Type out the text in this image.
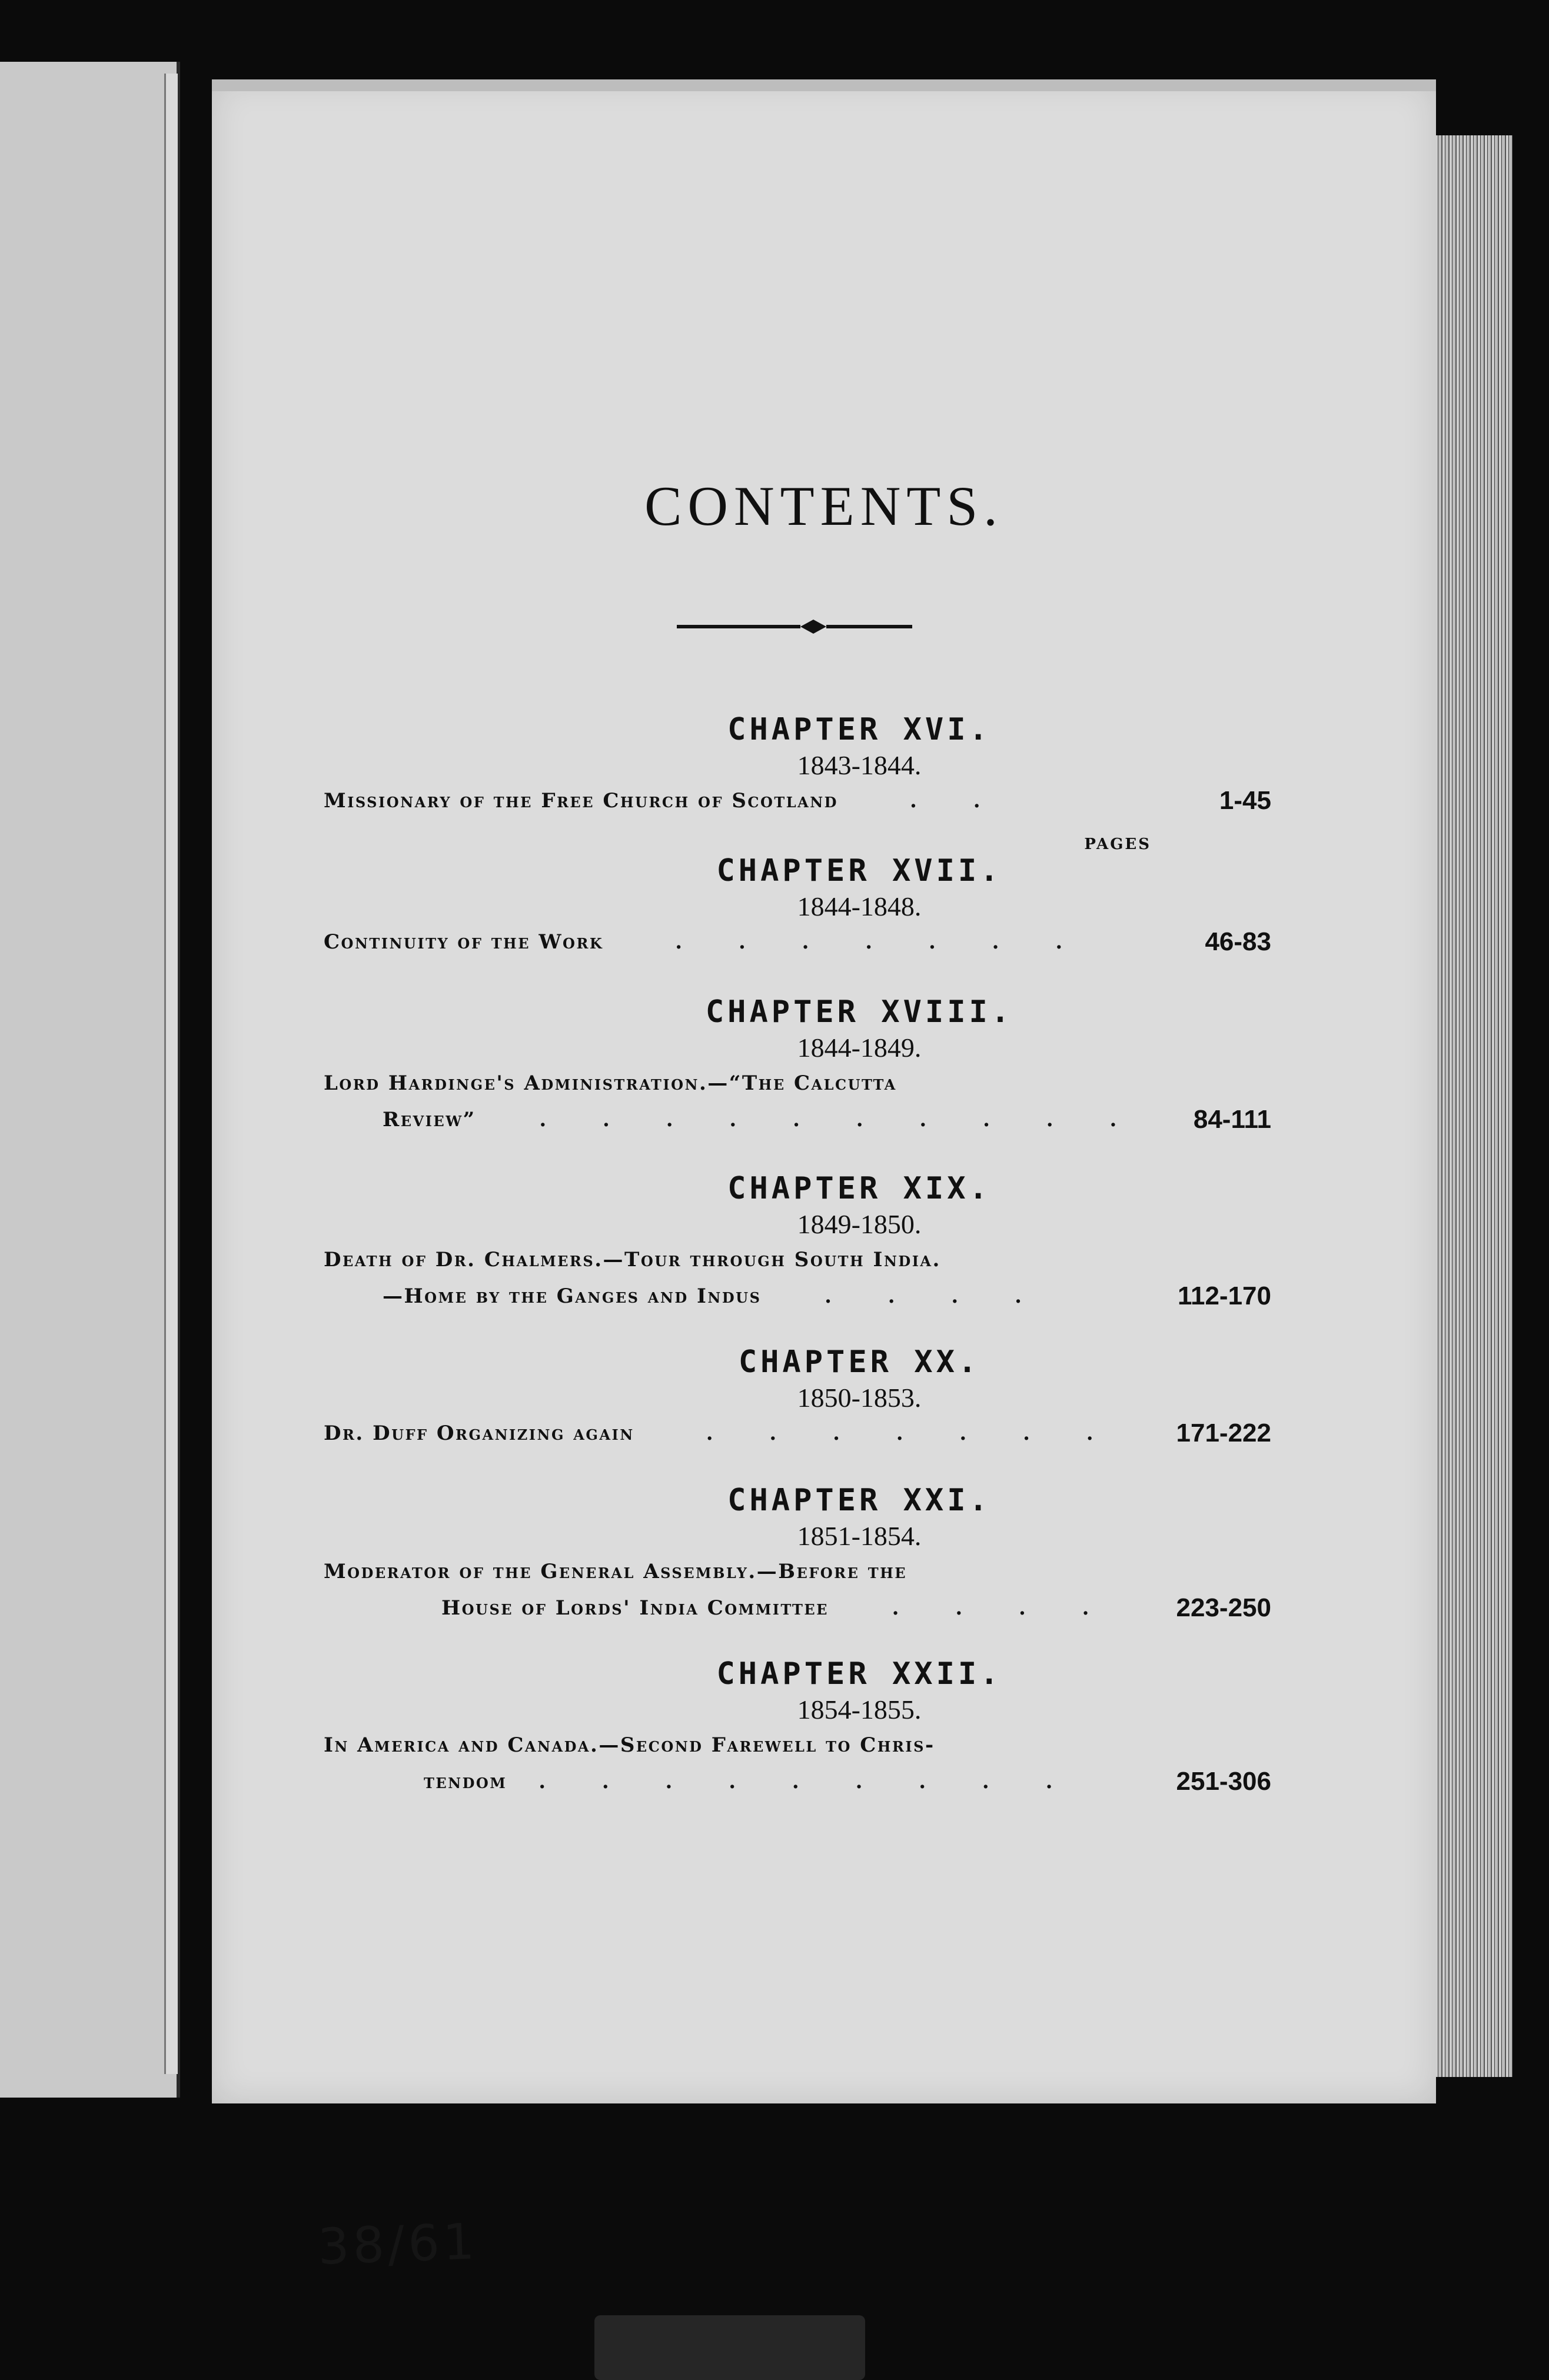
CONTENTS.
PAGES
CHAPTER XVI.
1843-1844.
Missionary of the Free Church of Scotland   . .	1-45
CHAPTER XVII.
1844-1848.
Continuity of the Work   . . . . . . .	46-83
CHAPTER XVIII.
1844-1849.
Lord Hardinge's Administration.—“The Calcutta
Review”  . . . . . . . . . .	84-111
CHAPTER XIX.
1849-1850.
Death of Dr. Chalmers.—Tour through South India.
—Home by the Ganges and Indus  . . . .	112-170
CHAPTER XX.
1850-1853.
Dr. Duff Organizing again   . . . . . . . 171-222
CHAPTER XXI.
1851-1854.
Moderator of the General Assembly.—Before the
House of Lords' India Committee  . . . .	223-250
CHAPTER XXII.
1854-1855.
In America and Canada.—Second Farewell to Chris-
tendom . . . . . . . . .	251-306
38/61
